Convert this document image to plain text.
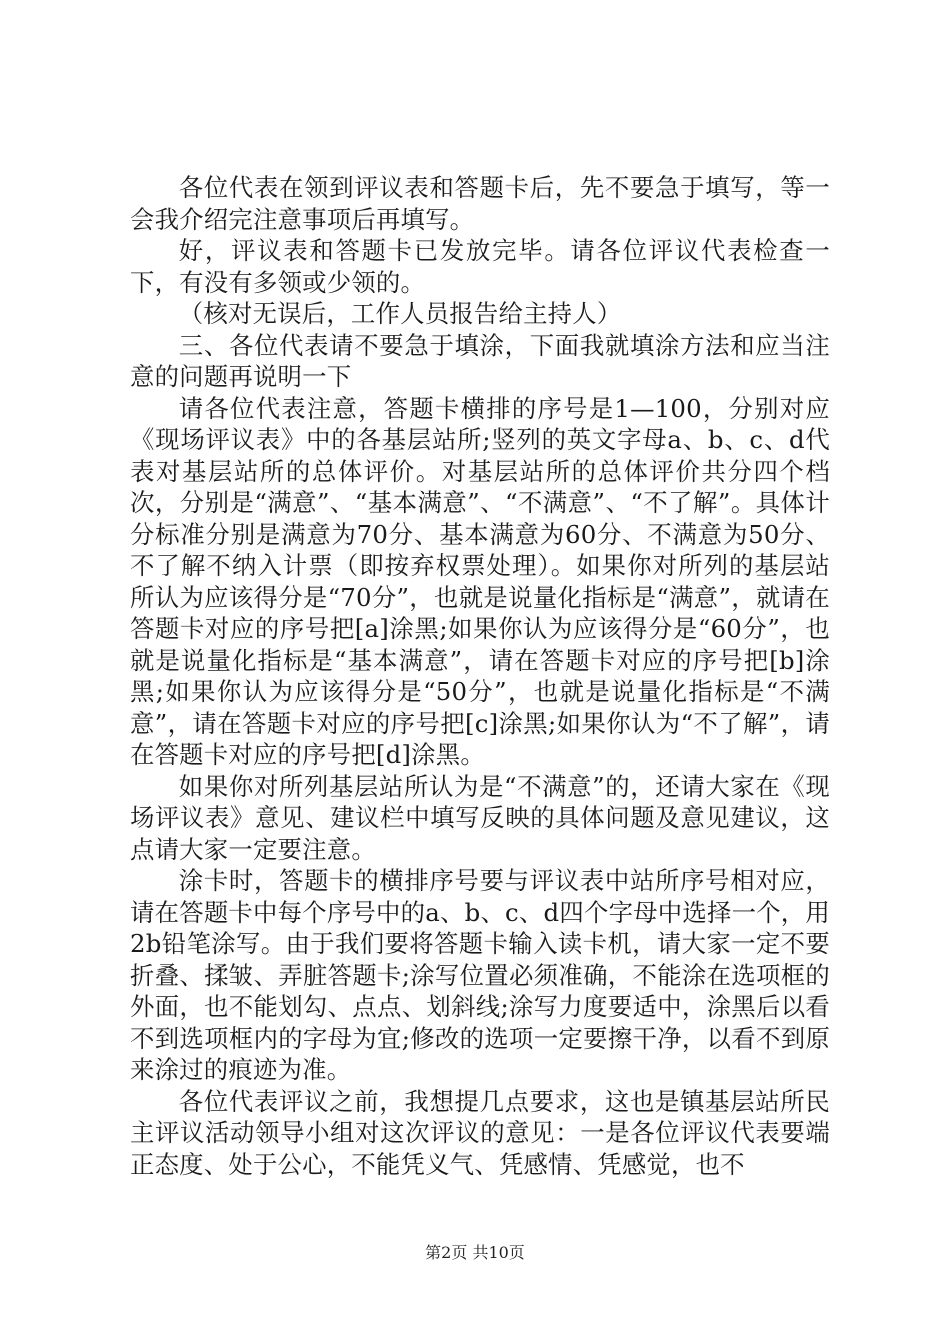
各位代表在领到评议表和答题卡后，先不要急于填写，等一会我介绍完注意事项后再填写。

好，评议表和答题卡已发放完毕。请各位评议代表检查一下，有没有多领或少领的。

（核对无误后，工作人员报告给主持人）

三、各位代表请不要急于填涂，下面我就填涂方法和应当注意的问题再说明一下

请各位代表注意，答题卡横排的序号是1—100，分别对应《现场评议表》中的各基层站所;竖列的英文字母a、b、c、d代表对基层站所的总体评价。对基层站所的总体评价共分四个档次，分别是“满意”、“基本满意”、“不满意”、“不了解”。具体计分标准分别是满意为70分、基本满意为60分、不满意为50分、不了解不纳入计票（即按弃权票处理）。如果你对所列的基层站所认为应该得分是“70分”，也就是说量化指标是“满意”，就请在答题卡对应的序号把[a]涂黑;如果你认为应该得分是“60分”，也就是说量化指标是“基本满意”，请在答题卡对应的序号把[b]涂黑;如果你认为应该得分是“50分”，也就是说量化指标是“不满意”，请在答题卡对应的序号把[c]涂黑;如果你认为“不了解”，请在答题卡对应的序号把[d]涂黑。

如果你对所列基层站所认为是“不满意”的，还请大家在《现场评议表》意见、建议栏中填写反映的具体问题及意见建议，这点请大家一定要注意。

涂卡时，答题卡的横排序号要与评议表中站所序号相对应，请在答题卡中每个序号中的a、b、c、d四个字母中选择一个，用2b铅笔涂写。由于我们要将答题卡输入读卡机，请大家一定不要折叠、揉皱、弄脏答题卡;涂写位置必须准确，不能涂在选项框的外面，也不能划勾、点点、划斜线;涂写力度要适中，涂黑后以看不到选项框内的字母为宜;修改的选项一定要擦干净，以看不到原来涂过的痕迹为准。

各位代表评议之前，我想提几点要求，这也是镇基层站所民主评议活动领导小组对这次评议的意见：一是各位评议代表要端正态度、处于公心，不能凭义气、凭感情、凭感觉，也不

第2页 共10页
